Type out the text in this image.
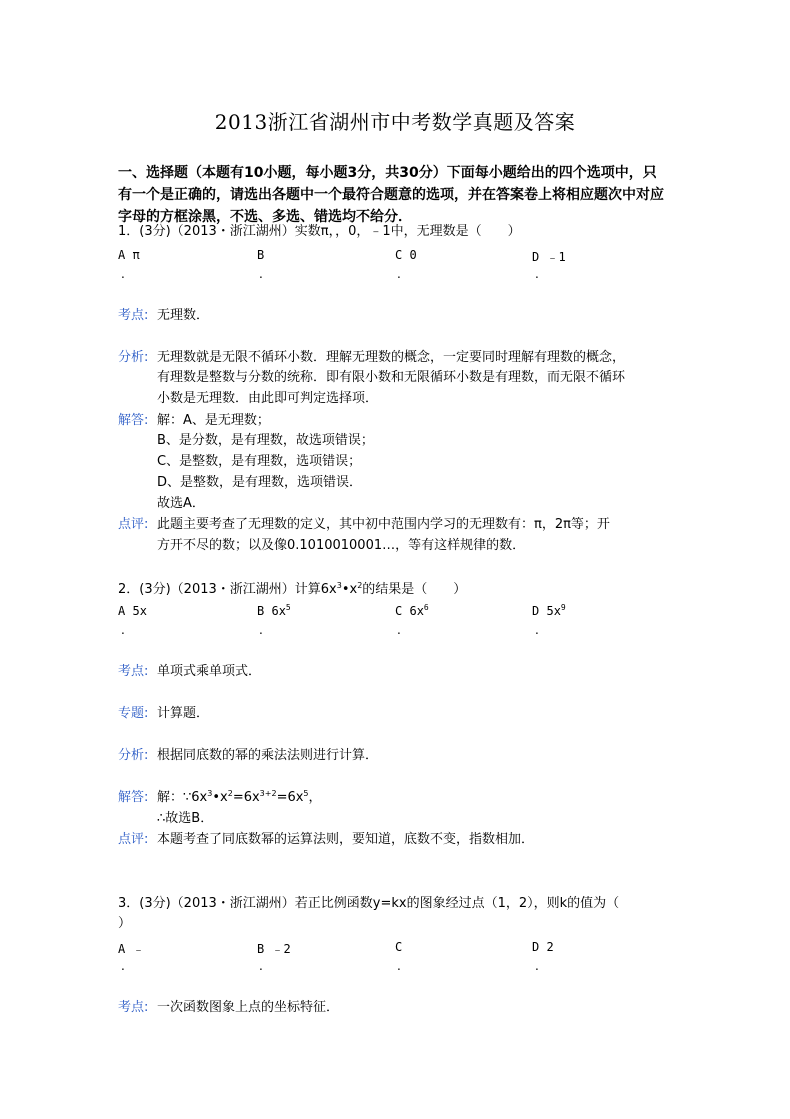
2013浙江省湖州市中考数学真题及答案
一、选择题（本题有10小题，每小题3分，共30分）下面每小题给出的四个选项中，只
有一个是正确的，请选出各题中一个最符合题意的选项，并在答案卷上将相应题次中对应
字母的方框涂黑，不选、多选、错选均不给分．
1．(3分)（2013・浙江湖州）实数π，，0，﹣1中，无理数是（　　）
A π	B	C 0	D ﹣1
.	.	.	.
考点: 无理数．
分析: 无理数就是无限不循环小数．理解无理数的概念，一定要同时理解有理数的概念，
有理数是整数与分数的统称．即有限小数和无限循环小数是有理数，而无限不循环
小数是无理数．由此即可判定选择项．
解答: 解：A、是无理数；
B、是分数，是有理数，故选项错误；
C、是整数，是有理数，选项错误；
D、是整数，是有理数，选项错误．
故选A．
点评: 此题主要考查了无理数的定义，其中初中范围内学习的无理数有：π，2π等；开
方开不尽的数；以及像0.1010010001…，等有这样规律的数．
2．(3分)（2013・浙江湖州）计算$6x^3•x^2$的结果是（　　）
A 5x	B $6x^5$	C $6x^6$	D $5x^9$
.	.	.	.
考点: 单项式乘单项式．
专题: 计算题．
分析: 根据同底数的幂的乘法法则进行计算．
解答: 解：$\because 6x^3•x^2=6x^{3+2}=6x^5$，
∴故选B．
点评: 本题考查了同底数幂的运算法则，要知道，底数不变，指数相加．
3．(3分)（2013・浙江湖州）若正比例函数y=kx的图象经过点（1，2），则k的值为（
）
A ﹣	B ﹣2	C	D 2
.	.	.	.
考点: 一次函数图象上点的坐标特征．
